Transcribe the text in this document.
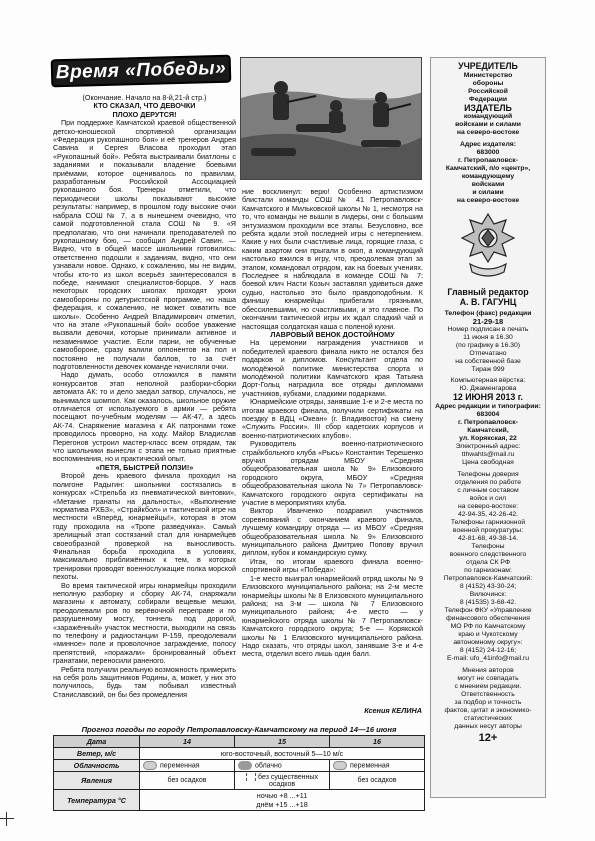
Время «Победы»

(Окончание. Начало на 8-й,21-й стр.)

КТО СКАЗАЛ, ЧТО ДЕВОЧКИ

ПЛОХО ДЕРУТСЯ!

При поддержке Камчатской краевой общественной детско-юношеской спортивной организации «Федерация рукопашного боя» и её тренеров Андрея Савина и Сергея Власова проходил этап «Рукопашный бой». Ребята выстраивали биатлоны с заданиями и показывали владение боевыми приёмами, которое оценивалось по правилам, разработанным Российской Ассоциацией рукопашного боя. Тренеры отметили, что периодически школы показывают высокие результаты: например, в прошлом году высокие очки набрала СОШ № 7, а в нынешнем очевидно, что самой подготовленной стала СОШ № 9. «Я предполагаю, что они начинали преподавателей по рукопашному бою, — сообщил Андрей Савин. — Видно, что в общей массе школьники готовились: ответственно подошли к заданиям, видно, что они узнавали новое. Однако, к сожалению, мы не видим, чтобы кто-то из школ всерьёз заинтересовался в победе, нанимают специалистов-борцов. У насв некоторых городских школах проходят уроки самообороны по детуристской программе, но наша федерация, к сожалению, не может охватить все школы». Особенно Андрей Владимирович отметил, что на этапе «Рукопашный бой» особое уважение вызвали девочки, которые принимали активное и незаменимое участие. Если парни, не обученные самообороне, сразу валили оппонентов на пол и постоянно не получали баллов, то за счёт подготовленности девочек команде начисляли очки.

Надо думать, особо отложился в памяти конкурсантов этап неполной разборки-сборки автомата АК: то и дело заедал затвор, случалось, не вынимался шомпол. Как оказалось, школьное оружие отличается от используемого в армии — ребята посещают по-учебным моделям — АК-47, а здесь АК-74. Снаряжение магазина к АК патронами тоже проводилось проворно, на ходу. Майор Владислав Перегонов устроил мастер-класс всем отрядам, так что школьники вынесли с этапа не только приятные воспоминания, но и практический опыт.

«ПЕТЯ, БЫСТРЕЙ ПОЛЗИ!»

Второй день краевого финала проходил на полигоне Радыгин: школьники состязались в конкурсах «Стрельба из пневматической винтовки», «Метание гранаты на дальность», «Выполнение норматива РХБЗ», «Страйкбол» и тактической игре на местности «Вперёд, юнармейцы!», которая в этом году проходила на «Тропе разведчика». Самый зрелищный этап состязаний стал для юнармейцев своеобразной проверкой на выносливость. Финальная борьба проходила в условиях, максимально приближённых к тем, в которых тренировки проводят военнослужащие полка морской пехоты.

Во время тактической игры юнармейцы проходили неполную разборку и сборку АК-74, снаряжали магазины к автомату, собирали вещевые мешки, преодолевали ров по верёвочной переправе и по разрушенному мосту, тоннель под дорогой, «заражённый» участок местности, выходили на связь по телефону и радиостанции Р-159, преодолевали «минное» поле и проволочное заграждение, полосу препятствий, «поражали» бронированный объект гранатами, переносили раненого.

Ребята получили реальную возможность примерить на себя роль защитников Родины, а, может, у них это получилось, будь там побывал известный Станиславский, он бы без промедления

ние воскликнул: верю! Особенно артистизмом блистали команды СОШ № 41 Петропавловск-Камчатского и Мильковской школы № 1, несмотря на то, что команды не вышли в лидеры, они с большим энтузиазмом проходили все этапы. Безусловно, все ребята ждали этой последней игры с нетерпением. Какие у них были счастливые лица, горящие глаза, с каким азартом они прыгали в окоп, а командующий настолько вжился в игру, что, преодолевая этап за этапом, командовал отрядом, как на боевых учениях. Последнее я наблюдала в команде СОШ № 7: боевой клич Насти Козыч заставлял удивиться даже судью, настолько это было правдоподобным. К финишу юнармейцы прибегали грязными, обессилевшими, но счастливыми, и это главное. По окончании тактической игры их ждал сладкий чай и настоящая солдатская каша с поленой кухни.

ЛАВРОВЫЙ ВЕНОК ДОСТОЙНОМУ

На церемонии награждения участников и победителей краевого финала никто не остался без подарков и дипломов. Консультант отдела по молодёжной политике министерства спорта и молодёжной политики Камчатского края Татьяна Дорт-Гольц наградила все отряды дипломами участников, кубками, сладкими подарками.

Юнармейские отряды, занявшие 1-е и 2-е места по итогам краевого финала, получили сертификаты на поездку в ВДЦ «Океан» (г. Владивосток) на смену «Служить России». III сбор кадетских корпусов и военно-патриотических клубов».

Руководитель военно-патриотического страйкбольного клуба «Рысь» Константин Терешенко вручил отрядам МБОУ «Средняя общеобразовательная школа № 9» Елизовского городского округа, МБОУ «Средняя общеобразовательная школа № 7» Петропавловск-Камчатского городского округа сертификаты на участие в мероприятиях клуба.

Виктор Иванченко поздравил участников соревнований с окончанием краевого финала, лучшему командиру отряда — из МБОУ «Средняя общеобразовательная школа № 9» Елизовского муниципального района Дмитрию Попову вручил диплом, кубок и командирскую сумку.

Итак, по итогам краевого финала военно-спортивной игры «Победа»:

1-е место выиграл юнармейский отряд школы № 9 Елизовского муниципального района; на 2-м месте юнармейцы школы № 8 Елизовского муниципального района; на 3-м — школа № 7 Елизовского муниципального района; 4-е место — у юнармейского отряда школы № 7 Петропавловск-Камчатского городского округа; 5-е — Корякской школы № 1 Елизовского муниципального района. Надо сказать, что отряды школ, занявшие 3-е и 4-е места, отделил всего лишь один балл.

Ксения КЕЛИНА
Прогноз погоды по городу Петропавловску-Камчатскому на период 14—16 июня
Дата	14	15	16
Ветер, м/с	юго-восточный, восточный 5—10 м/с		
Облачность	переменная	облачно	переменная
Явления	без осадков	без существенных осадков	без осадков
Температура °С	ночью +8 ...+11
днём +15 ...+18		
УЧРЕДИТЕЛЬ
Министерство
обороны
Российской
Федерации
ИЗДАТЕЛЬ
командующий
войсками и силами
на северо-востоке
Адрес издателя:
683000
г. Петропавловск-
Камчатский, п/о «центр»,
командующему
войсками
и силами
на северо-востоке
Главный редактор
А. В. ГАГУНЦ
Телефон (факс) редакции
21-29-18
Номер подписан в печать
11 июня в 16.30
(по графику в 16.30)
Отпечатано
на собственной базе
Тираж 999
Компьютерная вёрстка:
Ю. Джаменгарова
12 ИЮНЯ 2013 г.
Адрес редакции и типографии:
683004
г. Петропавловск-
Камчатский,
ул. Корякская, 22
Электронный адрес:
tthwahts@mail.ru
Цена свободная
Телефоны доверия
отделения по работе
с личным составом
войск и сил
на северо-востоке:
42-94-35, 42-26-42.
Телефоны гарнизонной
военной прокуратуры:
42-81-68, 49-38-14.
Телефоны
военного следственного
отдела СК РФ
по гарнизонам:
Петропавловск-Камчатский:
8 (4152) 43-30-24;
Вилючинск:
8 (41535) 3-68-42.
Телефон ФКУ «Управление
финансового обеспечения
МО РФ по Камчатскому
краю и Чукотскому
автономному округу»:
8 (4152) 24-12-16;
E-mail: ufo_41info@mail.ru
Мнения авторов
могут не совпадать
с мнением редакции.
Ответственность
за подбор и точность
фактов, цитат и экономико-
статистических
данных несут авторы
12+
